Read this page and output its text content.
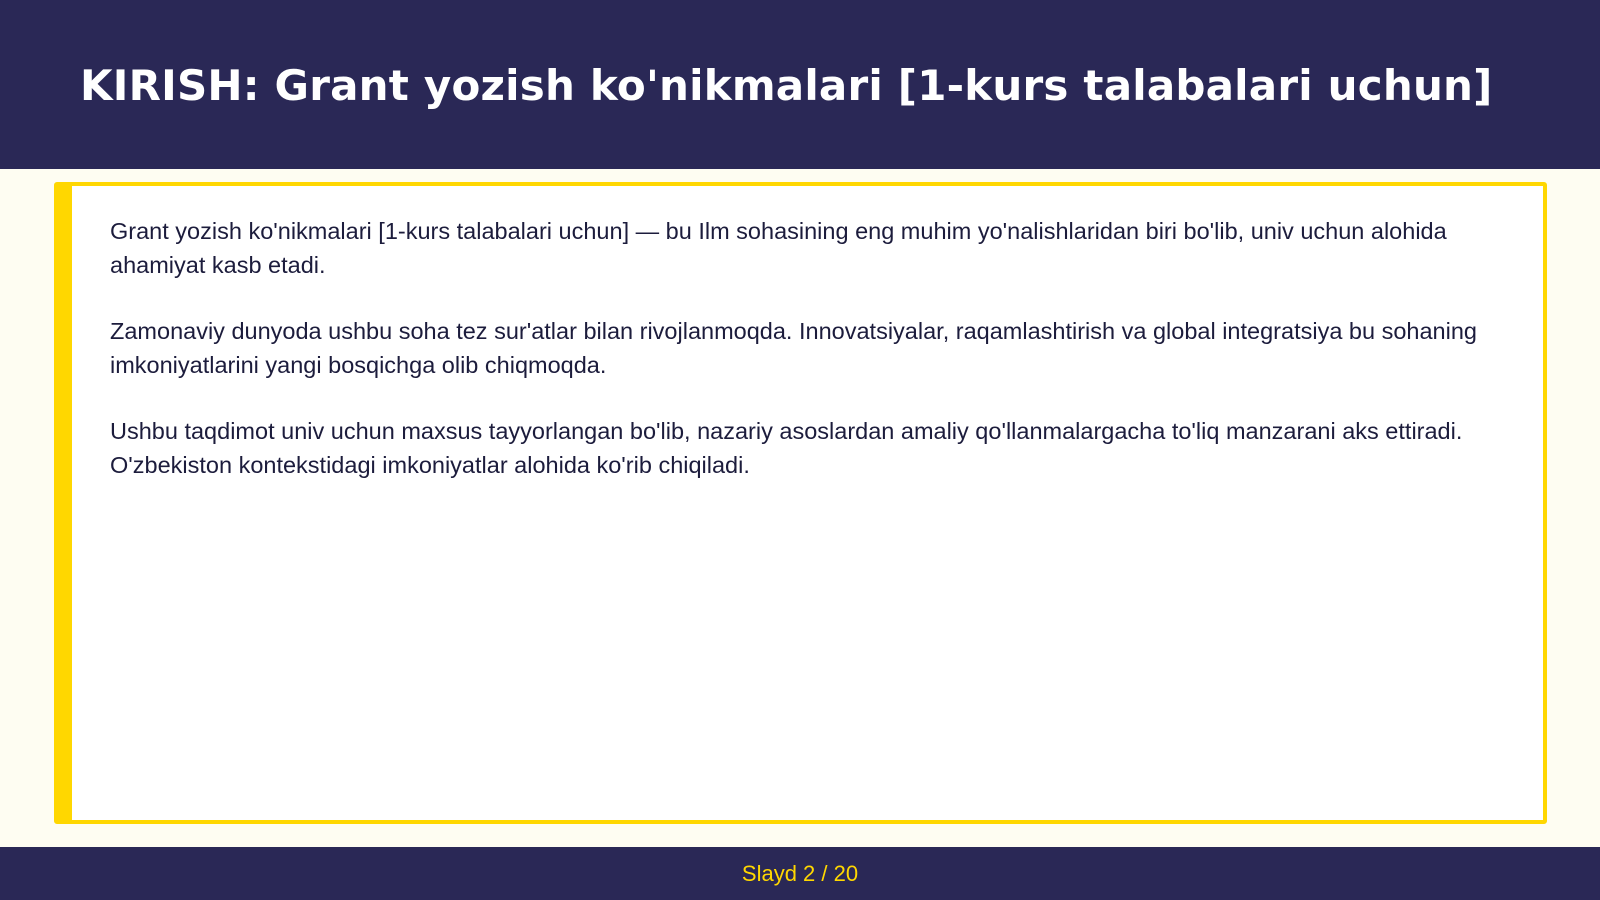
KIRISH: Grant yozish ko'nikmalari [1-kurs talabalari uchun]

Grant yozish ko'nikmalari [1-kurs talabalari uchun] — bu Ilm sohasining eng muhim yo'nalishlaridan biri bo'lib, univ uchun alohida ahamiyat kasb etadi.

Zamonaviy dunyoda ushbu soha tez sur'atlar bilan rivojlanmoqda. Innovatsiyalar, raqamlashtirish va global integratsiya bu sohaning imkoniyatlarini yangi bosqichga olib chiqmoqda.

Ushbu taqdimot univ uchun maxsus tayyorlangan bo'lib, nazariy asoslardan amaliy qo'llanmalargacha to'liq manzarani aks ettiradi. O'zbekiston kontekstidagi imkoniyatlar alohida ko'rib chiqiladi.

Slayd 2 / 20
